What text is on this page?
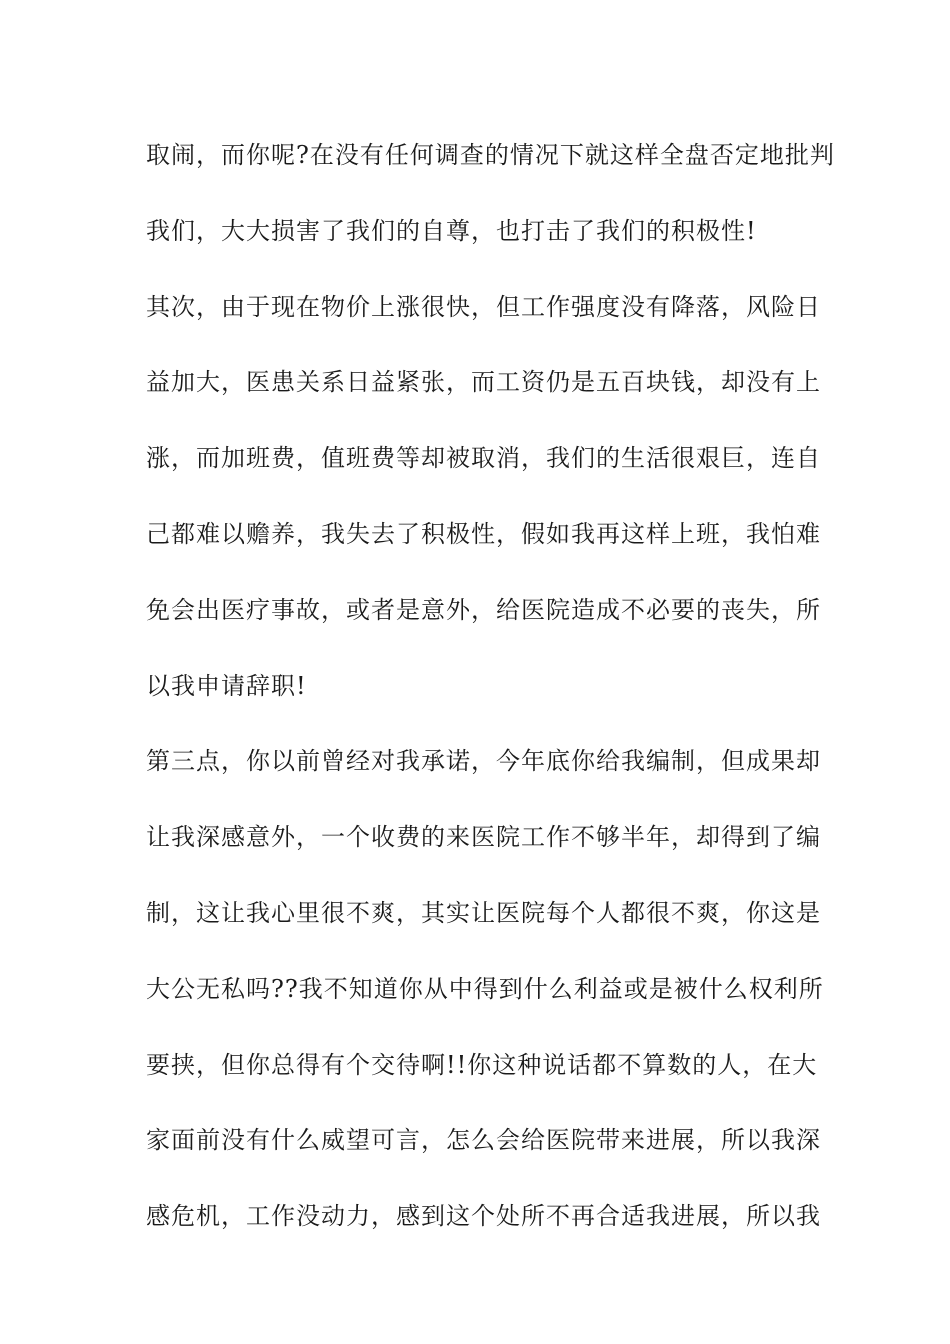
取闹，而你呢?在没有任何调查的情况下就这样全盘否定地批判
我们，大大损害了我们的自尊，也打击了我们的积极性!
其次，由于现在物价上涨很快，但工作强度没有降落，风险日
益加大，医患关系日益紧张，而工资仍是五百块钱，却没有上
涨，而加班费，值班费等却被取消，我们的生活很艰巨，连自
己都难以赡养，我失去了积极性，假如我再这样上班，我怕难
免会出医疗事故，或者是意外，给医院造成不必要的丧失，所
以我申请辞职!
第三点，你以前曾经对我承诺，今年底你给我编制，但成果却
让我深感意外，一个收费的来医院工作不够半年，却得到了编
制，这让我心里很不爽，其实让医院每个人都很不爽，你这是
大公无私吗??我不知道你从中得到什么利益或是被什么权利所
要挟，但你总得有个交待啊!!你这种说话都不算数的人，在大
家面前没有什么威望可言，怎么会给医院带来进展，所以我深
感危机，工作没动力，感到这个处所不再合适我进展，所以我
